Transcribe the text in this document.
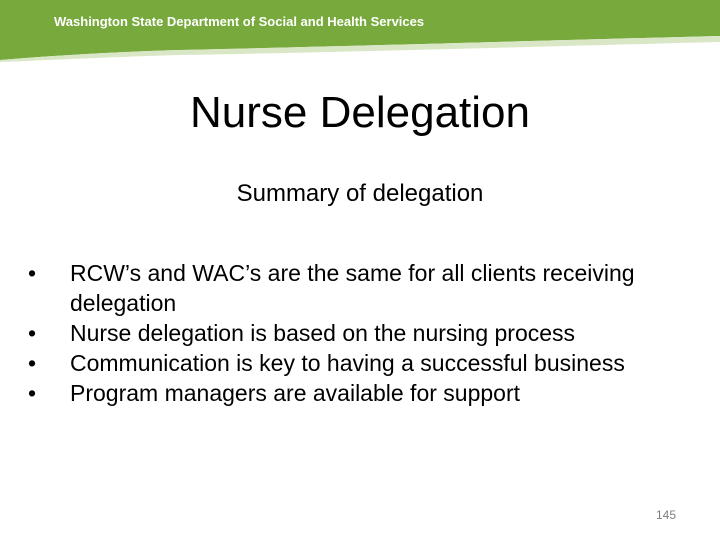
Washington State Department of Social and Health Services
Nurse Delegation
Summary of delegation
•	RCW’s and WAC’s are the same for all clients receiving delegation
•	Nurse delegation is based on the nursing process
•	Communication is key to having a successful business
•	Program managers are available for support
145
